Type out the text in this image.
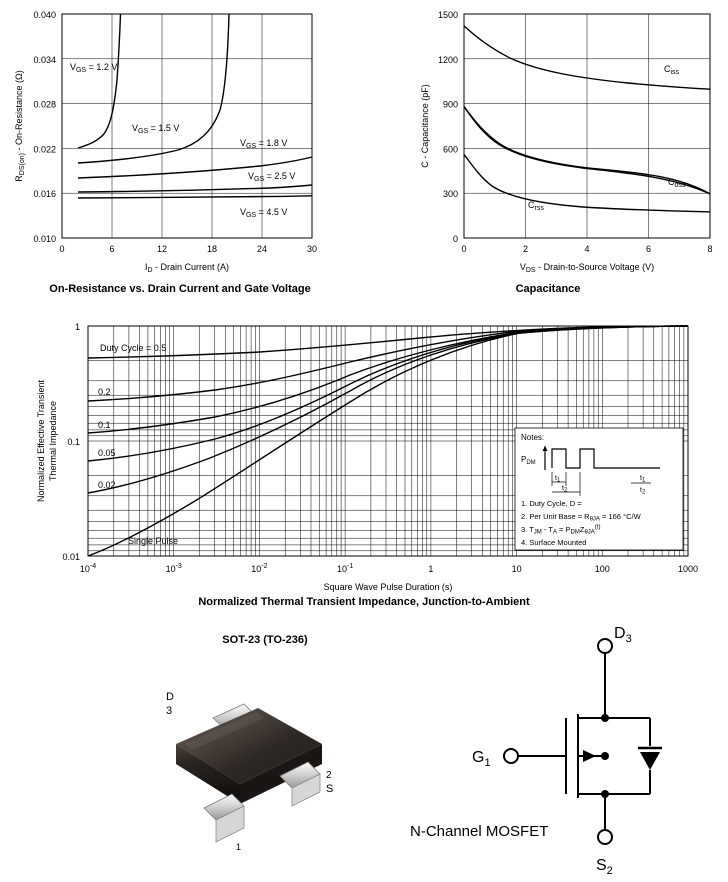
0.040
0.034
0.028
0.022
0.016
0.010
0	6	12	18	24	30
$I_D$ - Drain Current (A)
$R_{DS(on)}$ - On-Resistance (Ω)
$V_{GS} = 1.2$ V
$V_{GS} = 1.5$ V
$V_{GS} = 1.8$ V
$V_{GS} = 2.5$ V
$V_{GS} = 4.5$ V
On-Resistance vs. Drain Current and Gate Voltage
1500
1200
900
600
300
0
0	2	4	6	8
$V_{DS}$ - Drain-to-Source Voltage (V)
C - Capacitance (pF)
$C_{iss}$
$C_{oss}$
$C_{rss}$
Capacitance
1
0.1
0.01
$10^{-4}$	$10^{-3}$	$10^{-2}$	$10^{-1}$	1	10	100	1000
Square Wave Pulse Duration (s)
Normalized Effective Transient Thermal Impedance
Duty Cycle = 0.5
0.2
0.1
0.05
0.02
Single Pulse
Notes:
$P_{DM}$
t1
t2
t1
t2
1. Duty Cycle, D =
2. Per Unit Base = $R_{\theta JA} = 166$ °C/W
3. $T_{JM} - T_A = P_{DM}Z_{\theta JA}^{(t)}$
4. Surface Mounted
Normalized Thermal Transient Impedance, Junction-to-Ambient
SOT-23 (TO-236)
D
3
2
S
1
$D_3$
$G_1$
$S_2$
N-Channel MOSFET
